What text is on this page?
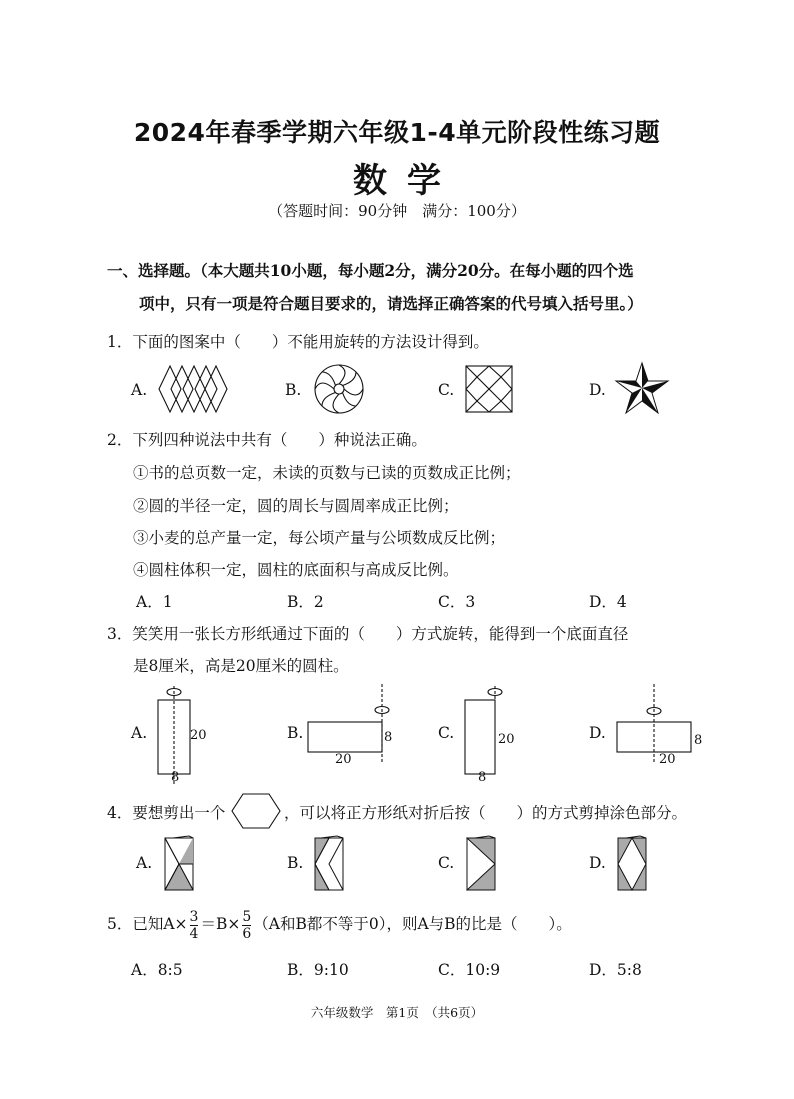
2024年春季学期六年级1-4单元阶段性练习题
数学
（答题时间：90分钟　满分：100分）
一、选择题。（本大题共10小题，每小题2分，满分20分。在每小题的四个选
项中，只有一项是符合题目要求的，请选择正确答案的代号填入括号里。）
1．下面的图案中（　　）不能用旋转的方法设计得到。
A.	B.	C.	D.
2．下列四种说法中共有（　　）种说法正确。
①书的总页数一定，未读的页数与已读的页数成正比例；
②圆的半径一定，圆的周长与圆周率成正比例；
③小麦的总产量一定，每公顷产量与公顷数成反比例；
④圆柱体积一定，圆柱的底面积与高成反比例。
A．1	B．2	C．3	D．4
3．笑笑用一张长方形纸通过下面的（　　）方式旋转，能得到一个底面直径
是8厘米，高是20厘米的圆柱。
A.	B.	C.	D.
20
8
8
20
20
8
8
20
4．要想剪出一个	，可以将正方形纸对折后按（　　）的方式剪掉涂色部分。
A.	B.	C.	D.
5．已知$A\times \frac{3}{4} =B\times \frac{5}{6} (A$和B都不等于0），则A与B的比是（　　）。
A．8:5	B．9:10	C．10:9	D．5:8
六年级数学　第1页　（共6页）
